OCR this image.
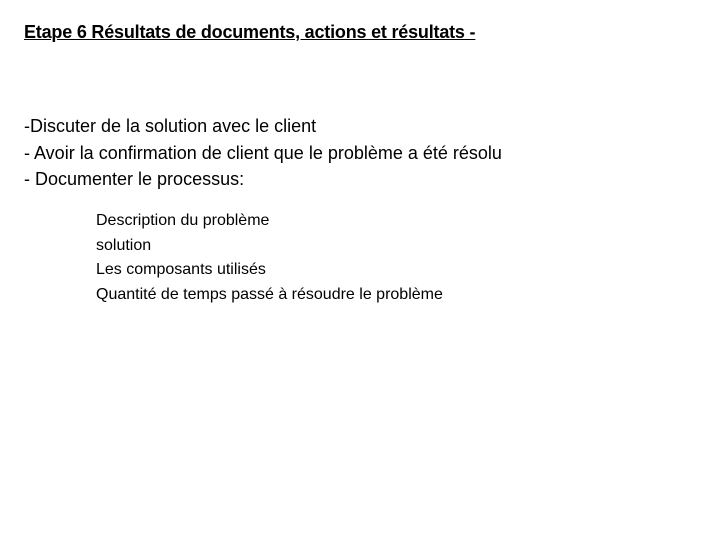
Etape 6 Résultats de documents, actions et résultats -
-Discuter de la solution avec le client
- Avoir la confirmation de client que le problème a été résolu
- Documenter le processus:
Description du problème
solution
Les composants utilisés
Quantité de temps passé à résoudre le problème
